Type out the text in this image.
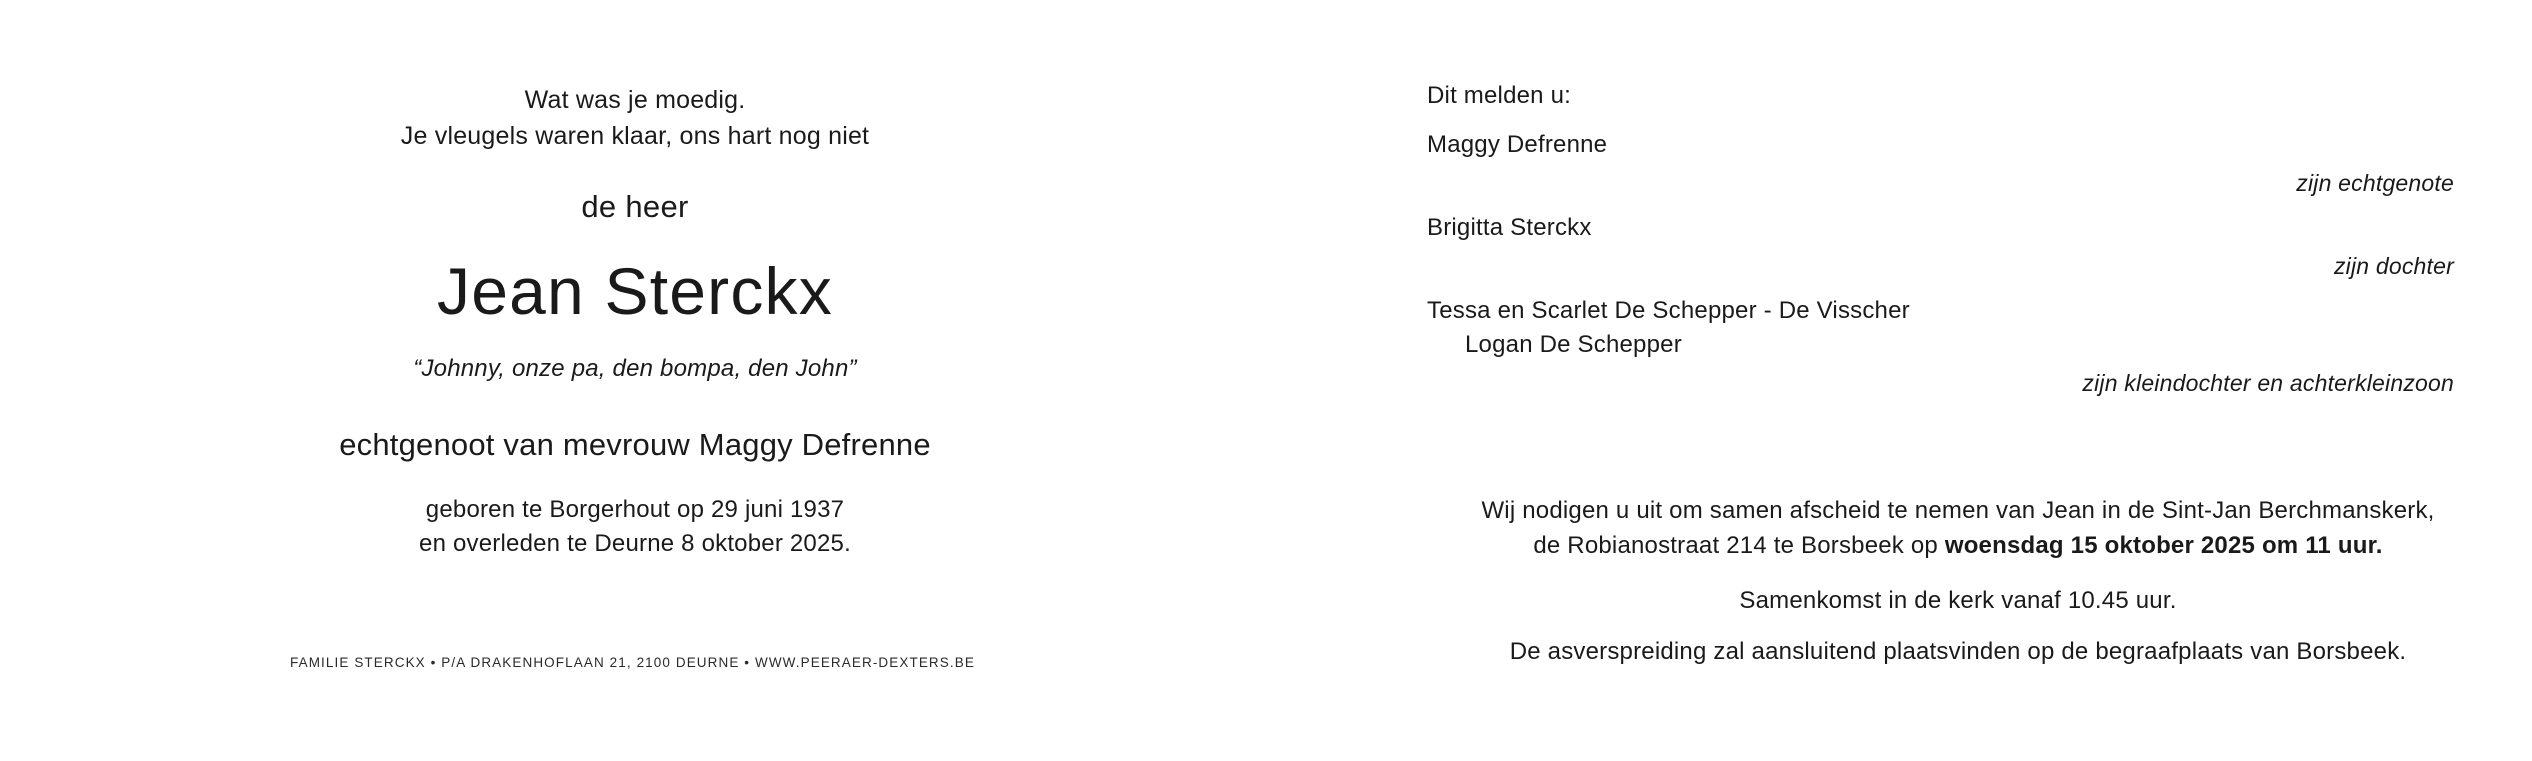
Wat was je moedig.
Je vleugels waren klaar, ons hart nog niet
de heer
Jean Sterckx
“Johnny, onze pa, den bompa, den John”
echtgenoot van mevrouw Maggy Defrenne
geboren te Borgerhout op 29 juni 1937
en overleden te Deurne 8 oktober 2025.
FAMILIE STERCKX • P/A DRAKENHOFLAAN 21, 2100 DEURNE • WWW.PEERAER-DEXTERS.BE
Dit melden u:
Maggy Defrenne
zijn echtgenote
Brigitta Sterckx
zijn dochter
Tessa en Scarlet De Schepper - De Visscher
Logan De Schepper
zijn kleindochter en achterkleinzoon
Wij nodigen u uit om samen afscheid te nemen van Jean in de Sint-Jan Berchmanskerk,
de Robianostraat 214 te Borsbeek op woensdag 15 oktober 2025 om 11 uur.
Samenkomst in de kerk vanaf 10.45 uur.
De asverspreiding zal aansluitend plaatsvinden op de begraafplaats van Borsbeek.
